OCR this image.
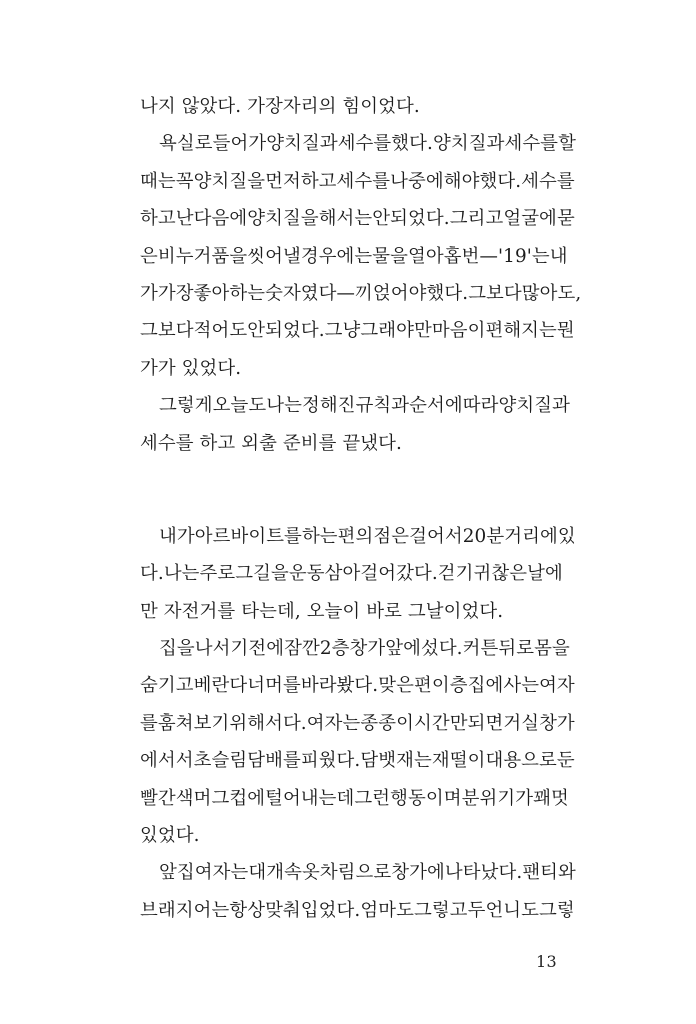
나지 않았다. 가장자리의 힘이었다.
욕실로 들어가 양치질과 세수를 했다. 양치질과 세수를 할
때는 꼭 양치질을 먼저 하고 세수를 나중에 해야 했다. 세수를
하고 난 다음에 양치질을 해서는 안 되었다. 그리고 얼굴에 묻
은 비누 거품을 씻어낼 경우에는 물을 열아홉 번—'19'는 내
가 가장 좋아하는 숫자였다—끼얹어야 했다. 그보다 많아도,
그보다 적어도 안 되었다. 그냥 그래야만 마음이 편해지는 뭔
가가 있었다.
그렇게 오늘도 나는 정해진 규칙과 순서에 따라 양치질과
세수를 하고 외출 준비를 끝냈다.
내가 아르바이트를 하는 편의점은 걸어서 20분 거리에 있
다. 나는 주로 그 길을 운동 삼아 걸어갔다. 걷기 귀찮은 날에
만 자전거를 타는데, 오늘이 바로 그날이었다.
집을 나서기 전에 잠깐 2층 창가 앞에 섰다. 커튼 뒤로 몸을
숨기고 베란다 너머를 바라봤다. 맞은편 이층집에 사는 여자
를 훔쳐보기 위해서다. 여자는 종종 이 시간만 되면 거실 창가
에 서서 초슬림 담배를 피웠다. 담뱃재는 재떨이 대용으로 둔
빨간색 머그컵에 털어내는데 그런 행동이며 분위기가 꽤 멋
있었다.
앞집 여자는 대개 속옷 차림으로 창가에 나타났다. 팬티와
브래지어는 항상 맞춰 입었다. 엄마도 그렇고 두 언니도 그렇
13
